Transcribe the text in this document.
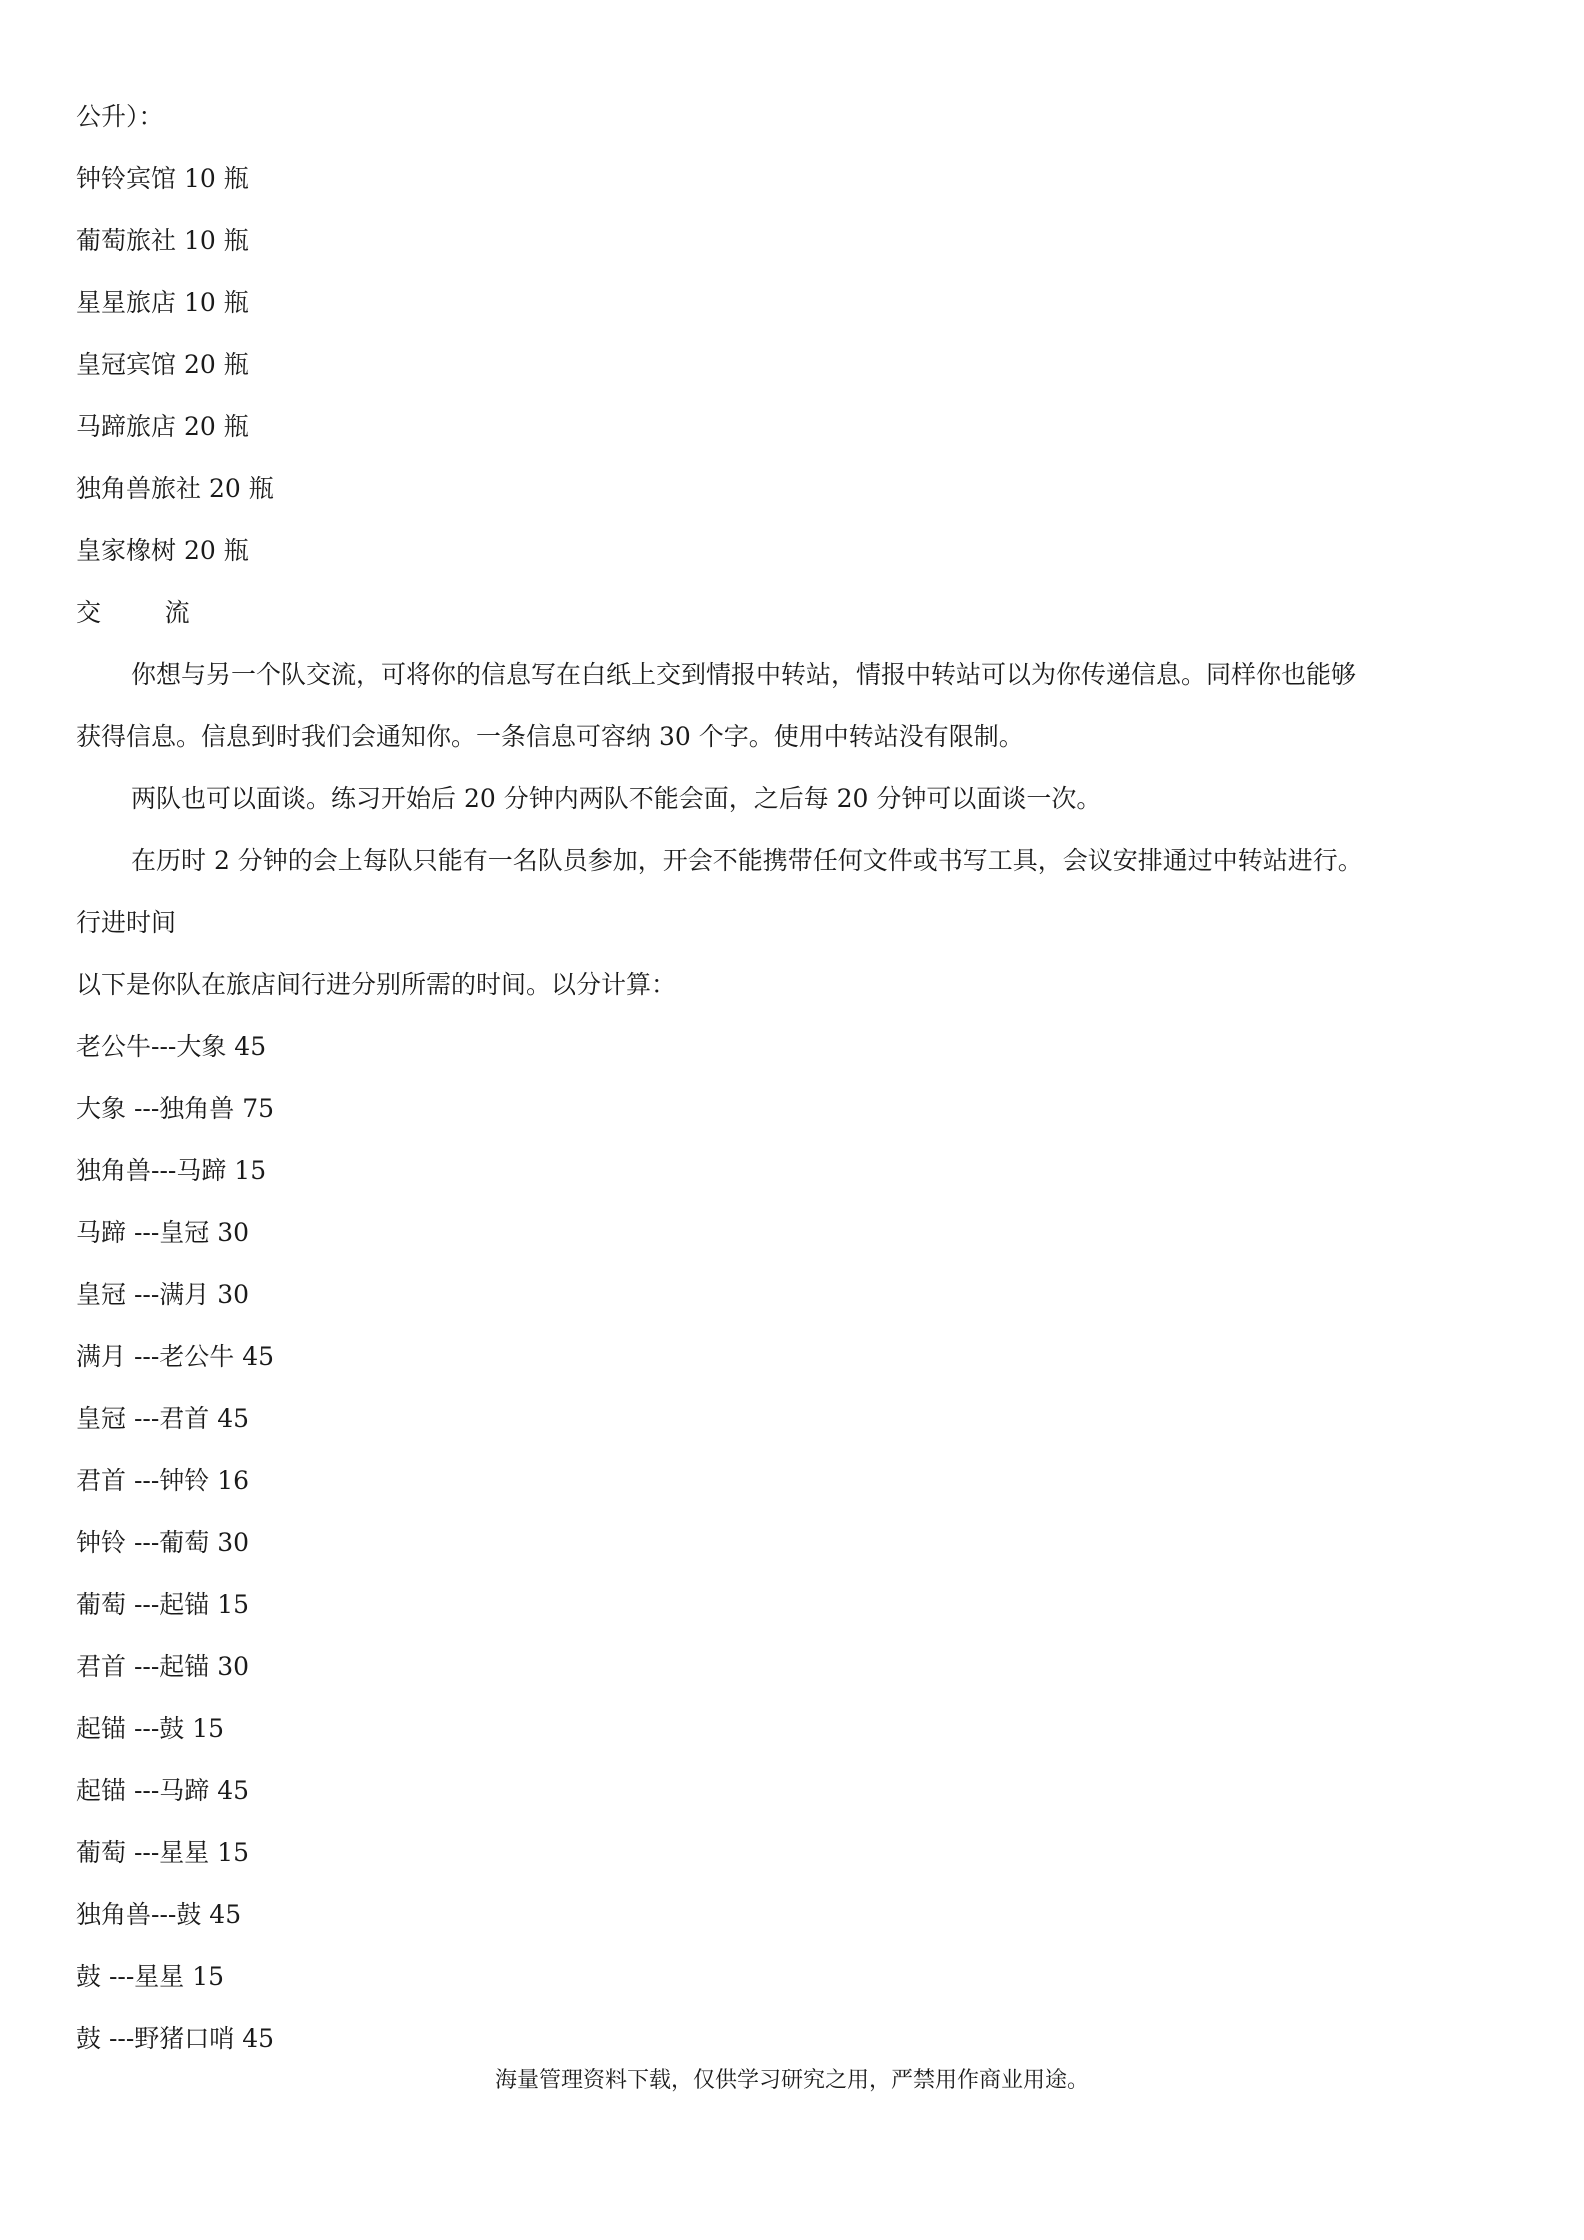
公升）：
钟铃宾馆 10 瓶
葡萄旅社 10 瓶
星星旅店 10 瓶
皇冠宾馆 20 瓶
马蹄旅店 20 瓶
独角兽旅社 20 瓶
皇家橡树 20 瓶
交        流
你想与另一个队交流，可将你的信息写在白纸上交到情报中转站，情报中转站可以为你传递信息。同样你也能够
获得信息。信息到时我们会通知你。一条信息可容纳 30 个字。使用中转站没有限制。
两队也可以面谈。练习开始后 20 分钟内两队不能会面，之后每 20 分钟可以面谈一次。
在历时 2 分钟的会上每队只能有一名队员参加，开会不能携带任何文件或书写工具，会议安排通过中转站进行。
行进时间
以下是你队在旅店间行进分别所需的时间。以分计算：
老公牛---大象 45
大象 ---独角兽 75
独角兽---马蹄 15
马蹄 ---皇冠 30
皇冠 ---满月 30
满月 ---老公牛 45
皇冠 ---君首 45
君首 ---钟铃 16
钟铃 ---葡萄 30
葡萄 ---起锚 15
君首 ---起锚 30
起锚 ---鼓 15
起锚 ---马蹄 45
葡萄 ---星星 15
独角兽---鼓 45
鼓 ---星星 15
鼓 ---野猪口哨 45
海量管理资料下载，仅供学习研究之用，严禁用作商业用途。
